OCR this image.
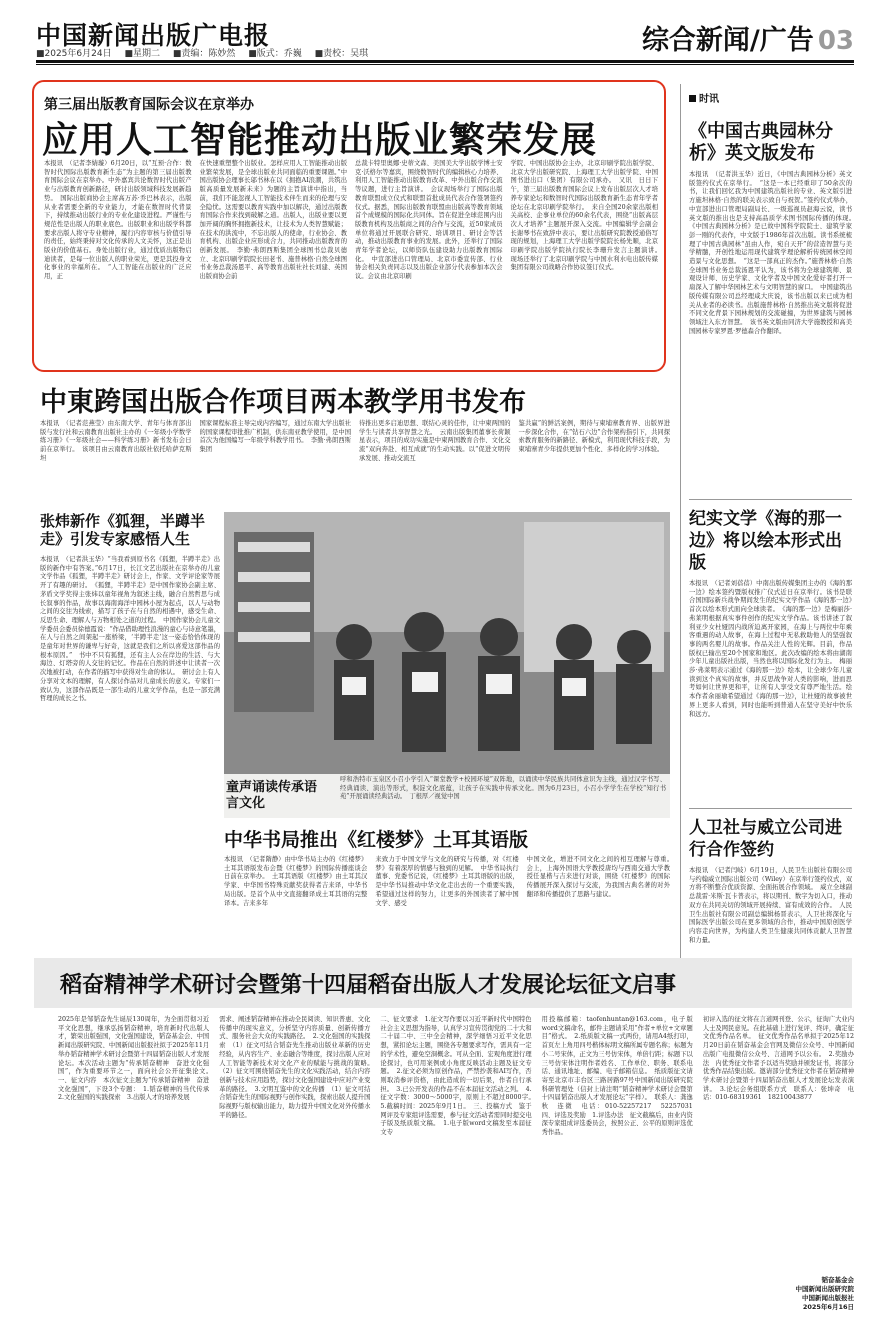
中国新闻出版广电报
■2025年6月24日 ■星期二 ■责编：陈妙然 ■版式：乔巍 ■责校：吴琪	综合新闻/广告 03
第三届出版教育国际会议在京举办
应用人工智能推动出版业繁荣发展
本报讯　（记者李婧璇）6月20日，以“互预·合作：数智时代国际出版教育新生态”为主题的第三届出版教育国际会议在京举办。中外嘉宾共论数智时代出版产业与出版教育创新路径，研讨出版领域科技发展新趋势。　国际出版商协会主席高万苏·乔巴林表示，出版从业者需要全新的专业能力，才能在数智时代背景下，持续推动出版行业的专业化建设进程。严谨性与规范性是出版人的职业底色。出版职业和出版学科都要求出版人将守专业精神，履行内容审核与价值引导的责任，始终秉持对文化传承的人文关怀，这正是出版业的价值基石。身处出版行业，通过优质出版物启迪读者，是每一位出版人的职业荣光，更是其投身文化事业的幸福所在。　“人工智能在出版业的广泛应用，正
在快速重塑整个出版业。怎样应用人工智能推动出版业繁荣发展，是全球出版业共同面临的重要课题。”中国出版协会理事长邬书林在以《拥抱AI浪潮，共筑出版高质量发展新未来》为题的主旨演讲中指出，当前，我们不能忽视人工智能技术伴生而来的伦理与安全隐忧。这需要以教育实践中加以解决，通过出版教育国际合作来找到破解之道。出版人，出版业要以更加开阔的胸怀拥抱新技术，让技术为人类智慧赋能；在技术的洪流中，不忘出版人的使命，行业协会、教育机构、出版企业应形成合力，共同推动出版教育的创新发展。　李勤·弗朗西斯集团全球图书总裁贝德立、北京印刷学院院长田老书、施普林格·自然全球图书业务总裁汤恩平、高等教育出版社社长刘建、英国出版商协会前
总裁卡特里奥娜·史蒂文森、美国美大学出版学博士安克·沃格尔等嘉宾，围绕数智时代的编辑核心力培养、利用人工智能推动出版教育改革、中外出版合作交流等议题，进行主旨演讲。　会议现场举行了国际出版教育联盟成立仪式和联盟首批成员代表合作签署签约仪式。据悉，国际出版教育联盟由出版高等教育领域首个成规模的国际化共同体。旨在促进全球范围内出版教育机构及出版商之间的合作与交流，近50家成员单位将通过开展联合研究、培训项目、研讨会等活动，推动出版教育事业的发展。此外，还举行了国际青年学者论坛，以师资队伍建设助力出版教育国际化。　中宣部进出口管理局、北京市委宣传部、行业协会相关负责同志以及出版企业部分代表参加本次会议。会议由北京印刷
学院、中国出版协会主办，北京印刷学院出版学院、北京大学出版研究院、上海理工大学出版学院、中国图书进出口（集团）有限公司承办。　又讯　日日下午，第三届出版教育国际会议上发布出版层次人才培养专家论坛和数智时代国际出版教育新生态青年学者论坛在北京印刷学院举行。　来自全国20余家出版相关高校、企事业单位的60余名代表，围绕“出版高层次人才培养”主题展开深入交流。中国编辑学会副会长谢琴书在致辞中表示，要让出版研究院教授通俗写现的规划，上海理工大学出版学院院长杨先顺，北京印刷学院出版学院执行院长李珊升发言主题演讲。　现场还举行了北京印刷学院与中国水利水电出版传媒集团有限公司战略合作协议签订仪式。
时讯
《中国古典园林分析》英文版发布
本报讯　（记者洪玉华）近日，《中国古典园林分析》英文版签约仪式在京举行。　“这是一本已经重印了50余次的书，让我们回忆我为中国建筑出版社的专业、英文版引进方施坦林格·自然的联关表示致自与祝贺。”签约仪式举办，中宣部进出口管理局副局长、一级巡视员赵海云说，读书英文版的推出也是支持高品质学术图书国际传播的体现。　《中国古典园林分析》是已故中国科学院院士、建筑学家彭一刚的代表作，中文版于1986年首次出版。读书系统梳理了中国古典园林“虽由人作，宛自天开”的营造智慧与美学精髓，开创性地运用现代建筑学理论解析传统园林空间造景与文化思想。　“这是一部真正的杰作。”施普林格·自然全球图书业务总裁汤恩平认为，该书将为全球建筑师、景观设计师、历史学家、文化学者及中国文化爱好者打开一扇深入了解中华园林艺术与文明智慧的窗口。　中国建筑出版传媒有限公司总经理咸大庆说，该书出版以来已成为相关从业者的必读书。出版施普林格·自然推出英文版将促进不同文化背景下园林规划的交流碰撞，为世界建筑与园林领域注入东方智慧。　该书英文版由同济大学施教授和高美国园林专家罗恩·罗德森合作翻译。
纪实文学《海的那一边》将以绘本形式出版
本报讯　（记者刘蓓蓓）中南出版传媒集团主办的《海的那一边》绘本签约暨版权推广仪式近日在京举行。该书是联合国国际新兵战争期间发生的纪实文学作品《海的那一边》首次以绘本形式面向全球读者。　《海的那一边》是梅丽莎·弗莱明根据真实事件创作的纪实文学作品。该书讲述了叙利亚少女杜娅因内战所迫离开家园，在海上与两位中年乘客重遇的动人故事，在海上过程中无私救助他人的坚强叙事的两名婴儿的故事。作品关注人性的光辉。目前，作品版权已输出至20个国家和地区。此次改编的绘本将由湖南少年儿童出版社出版，当然也将以国际化发行为主。　梅丽莎·弗莱明表示通过《海的那一边》绘本，让全球少年儿童读到这个真实的故事，并反思战争对人类的影响，进而思考如何让世界更和平，让所有人享受文有尊严地生活。绘本作者余丽瑜希望通过《海的那一边》，让杜娅的故事被世界上更多人看到，同时也能听到普通人在坚守美好中快乐和远方。
人卫社与威立公司进行合作签约
本报讯　（记者闫岐）6月19日，人民卫生出版社有限公司与约翰威立国际出版公司（Wiley）在京举行签约仪式，双方将不断整合优质资源、全面拓展合作领域。　威立全球副总裁雷·米斯·瓦卡普表示，将以期刊、数字为切入口，推动双方在共同关切的领域开展持续、富有成效的合作。　人民卫生出版社有限公司副总编辑杨晋表示，人卫社将深化与国际医学出版公司在更多领域的合作，推动中国原创医学内容走向世界，为构建人类卫生健康共同体贡献人卫智慧和力量。
中東跨国出版合作项目两本教学用书发布
本报讯　（记者范燕莹）由东南大学、青年与体育部出版与发行社和云南教育出版社主办的《一年级小学数学练习册》《一年级社会——科学练习册》新书发布会日前在京举行。　该项目由云南教育出版社依托哈萨克斯坦
国家课程标准主导完成内容编写，通过东南大学出版社的国家课程审批推广机制，供东南亚教学使用，是中国首次为他国编写一年级学科教学用书。　李勤·弗朗西斯集团
待推出更多启迪思想、联结心灵的佳作，让中柬两国的学生与读者共享智慧之光。　云南出版集团董事长荷颖星表示，项目的成功实施是中柬两国教育合作、文化交流“双向奔赴、相互成就”的生动实践。以“促进文明传承发展、推动交流互
鉴共赢”的鲜活案例，期待与柬埔寨教育界、出版界进一步深化合作，在“钻石六边”合作架构指引下，共同探索教育服务的新路径、新模式，利用现代科技手段，为柬埔寨青少年提供更加个性化、多样化的学习体验。
张炜新作《狐狸，半蹲半走》引发专家感悟人生
本报讯　（记者洪玉华）“当我看到原书名《狐狸，半蹲半走》出版的新作中有答案。”6月17日，长江文艺出版社在京举办的儿童文学作品《狐狸，半蹲半走》研讨会上，作家、文学评论家等展开了有趣的研讨。　《狐狸，半蹲半走》是中国作家协会副主席、茅盾文学奖得主张炜以童年视角为叙述主线，融合自然哲思与成长叙事的作品，故事以海南海洋中园林小屋为起点，以人与动物之间的交往为线索，描写了孩子在与自然的相遇中，感受生命、反思生命、理解人与万物相处之道的过程。　中国作家协会儿童文学委员会委员徐德霞说：“作品借助理性浪漫的童心与诗意笔墨，在人与自然之间架起一座桥梁，‘半蹲半走’这一姿态恰恰体现的是童年对世界的谦卑与好奇，这就是我们之所以喜爱这部作品的根本原因。”　书中不只有狐狸，还有主人公在岸边的生活、与大海边、灯塔旁的人交往的记忆。作品在自然的讲述中让读者一次次地被打动，在作者的描写中获得对生命的体认。　研讨会上有人分享对文本的理解，有人探讨作品对儿童成长的意义。专家们一致认为，这部作品既是一部生动的儿童文学作品，也是一部充满哲理的成长之书。
童声诵读传承语言文化
呼和浩特市玉泉区小召小学引入“课堂教学+校园环境”双阵地，以诵读中华民族共同体意识为主线，通过汉字书写、经典诵读、演出等形式，积淀文化底蕴，让孩子在实践中传承文化。图为6月23日，小召小学学生在学校“知行书苑”开展诵读经典活动。　丁根厚／视觉中国
中华书局推出《红楼梦》土耳其语版
本报讯　（记者隋静）由中华书局主办的《红楼梦》土耳其语版发布会暨《红楼梦》的国际传播座谈会日前在京举办。　土耳其语版《红楼梦》由土耳其汉学家、中华国书特殊贡献奖获得者吉来译，中华书局出版。是首个从中文直接翻译成土耳其语的完整译本。吉来多年
来致力于中国文学与文化的研究与传播，对《红楼梦》有着深厚的情感与独到的见解。　中华书局执行董事、党委书记说，《红楼梦》土耳其语版的出版，是中华书局推动中华文化走出去的一个重要实践，希望通过这样的努力，让更多的外国读者了解中国文学、感受
中国文化，增进不同文化之间的相互理解与尊重。　会上，上海外国语大学教授唐均与西南交通大学教授任显楷与吉来进行对谈，围绕《红楼梦》的国际传播展开深入探讨与交流，为我国古典名著的对外翻译和传播提供了思路与建议。
稻奋精神学术研讨会暨第十四届稻奋出版人才发展论坛征文启事
2025年是邹韬奋先生诞辰130周年，为全面贯彻习近平文化思想，继承弘扬韬奋精神，培育新时代出版人才，繁荣出版强国，文化强国建设，韬奋基金会、中国新闻出版研究院、中国新闻出版报社拟于2025年11月举办韬奋精神学术研讨会暨第十四届韬奋出版人才发展论坛。本次活动主题为“传承韬奋精神　奋进文化强国”，作为重要环节之一，面向社会公开征集论文。　一、征文内容　本次征文主题为“传承韬奋精神　奋进文化强国”，下设3个专题：　1.韬奋精神的当代传承　2.文化强国的实践探索　3.出版人才的培养发展
需求、阐述韬奋精神在推动全民阅读、知识普惠、文化传播中的现实意义，分析坚守内容质量、创新传播方式、服务社会大众的实践路径。　2.文化强国的实践探索　（1）征文可结合韬奋先生推动出版业革新的历史经验，从内容生产、业态融合等维度，探讨出版人应对人工智能等新技术对文化产业的赋能与挑战的策略。　（2）征文可围绕韬奋先生的文化实践活动，结合内容创新与技术应用趋势，探讨文化强国建设中应对产业变革的路径。　3.文明互鉴中的文化传播　（1）征文可结合韬奋先生的国际视野与创作实践，探索出版人提升国际视野与版权输出能力，助力提升中国文化对外传播水平的路径。
二、征文要求　1.征文写作要以习近平新时代中国特色社会主义思想为指导，认真学习宣传贯彻党的二十大和二十届二中、三中全会精神，深学细悟习近平文化思想，紧扣论坛主题，围绕各专题要求写作，需具有一定的学术性，避免空洞概念。可从全面、宏观角度进行理论探讨，也可用案例或小角度反映活动主题及征文专题。　2.征文必须为原创作品，严禁抄袭和AI写作，否则取消参评资格，由此造成的一切后果，作者自行承担。　3.已公开发表的作品不在本届征文活动之列。　4.征文字数：3000～5000字，原则上不超过8000字。　5.截稿时间：2025年9月1日。　三、投稿方式　鉴于网评及专家组评选需要，参与征文活动者需同时提交电子版及纸质版文稿。　1.电子版word文稿发至本届征文专
用投稿邮箱：taofenhuntan@163.com，电子版word文稿命名，邮件主题请采用“作者+单位+文章题目”格式。　2.纸质版文稿一式两份，请用A4纸打印，首页左上角用四号楷体标明文稿所属专题名称；标题为小二号宋体，正文为三号仿宋体，单倍行距；标题下以三号仿宋体注明作者姓名、工作单位、职务、联系电话、通讯地址、邮编、电子邮箱信息。　纸质版征文请寄至北京市丰台区三路居路97号中国新闻出版研究院科研管理处（信封上请注明“韬奋精神学术研讨会暨第十四届韬奋出版人才发展论坛”字样）。　联系人：龚逸秋　连微　电话：010-52257217　52257031　四、评选及奖励　1.评选办法　征文截稿后，由业内资深专家组成评选委员会，按照公正、公平的原则评选优秀作品。
初评入选的征文将在言道网刊登、公示，征询广大业内人士及网民意见。在此基础上进行复评、终评，确定征文优秀作品名单。　征文优秀作品名单拟于2025年12月20日前在韬奋基金会官网及微信公众号、中国新闻出版广电报微信公众号、言道网予以公布。　2.奖励办法　内优秀征文作者予以适当奖励并颁发证书，将部分优秀作品结集出版。邀请部分优秀征文作者在韬奋精神学术研讨会暨第十四届韬奋出版人才发展论坛发表演讲。　3.论坛会务组联系方式　联系人：张坤奇　电话：010-68319361　18210043877
韬奋基金会
中国新闻出版研究院
中国新闻出版报社
2025年6月16日
